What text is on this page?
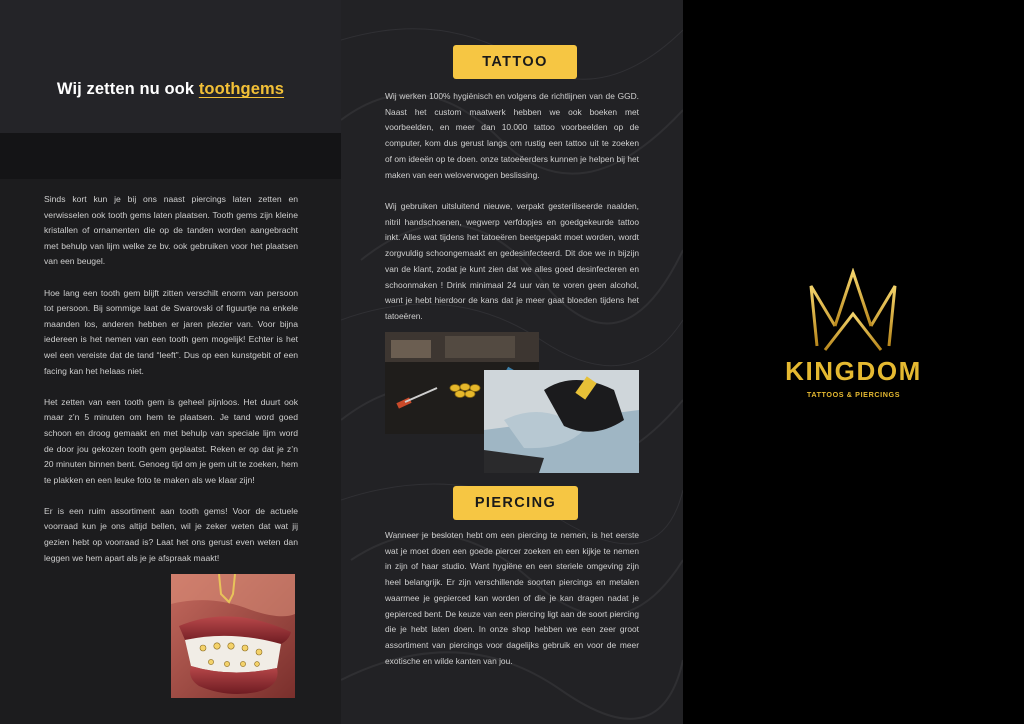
Wij zetten nu ook toothgems

Sinds kort kun je bij ons naast piercings laten zetten en verwisselen ook tooth gems laten plaatsen. Tooth gems zijn kleine kristallen of ornamenten die op de tanden worden aangebracht met behulp van lijm welke ze bv. ook gebruiken voor het plaatsen van een beugel.

Hoe lang een tooth gem blijft zitten verschilt enorm van persoon tot persoon. Bij sommige laat de Swarovski of figuurtje na enkele maanden los, anderen hebben er jaren plezier van. Voor bijna iedereen is het nemen van een tooth gem mogelijk! Echter is het wel een vereiste dat de tand “leeft”. Dus op een kunstgebit of een facing kan het helaas niet.

Het zetten van een tooth gem is geheel pijnloos. Het duurt ook maar z’n 5 minuten om hem te plaatsen. Je tand word goed schoon en droog gemaakt en met behulp van speciale lijm word de door jou gekozen tooth gem geplaatst. Reken er op dat je z’n 20 minuten binnen bent. Genoeg tijd om je gem uit te zoeken, hem te plakken en een leuke foto te maken als we klaar zijn!

Er is een ruim assortiment aan tooth gems! Voor de actuele voorraad kun je ons altijd bellen, wil je zeker weten dat wat jij gezien hebt op voorraad is? Laat het ons gerust even weten dan leggen we hem apart als je je afspraak maakt!

TATTOO

Wij werken 100% hygiënisch en volgens de richtlijnen van de GGD. Naast het custom maatwerk hebben we ook boeken met voorbeelden, en meer dan 10.000 tattoo voorbeelden op de computer, kom dus gerust langs om rustig een tattoo uit te zoeken of om ideeën op te doen. onze tatoeëerders kunnen je helpen bij het maken van een weloverwogen beslissing.

Wij gebruiken uitsluitend nieuwe, verpakt gesteriliseerde naalden, nitril handschoenen, wegwerp verfdopjes en goedgekeurde tattoo inkt. Alles wat tijdens het tatoeëren beetgepakt moet worden, wordt zorgvuldig schoongemaakt en gedesinfecteerd. Dit doe we in bijzijn van de klant, zodat je kunt zien dat we alles goed desinfecteren en schoonmaken ! Drink minimaal 24 uur van te voren geen alcohol, want je hebt hierdoor de kans dat je meer gaat bloeden tijdens het tatoeëren.

PIERCING

Wanneer je besloten hebt om een piercing te nemen, is het eerste wat je moet doen een goede piercer zoeken en een kijkje te nemen in zijn of haar studio. Want hygiëne en een steriele omgeving zijn heel belangrijk. Er zijn verschillende soorten piercings en metalen waarmee je gepierced kan worden of die je kan dragen nadat je gepierced bent. De keuze van een piercing ligt aan de soort piercing die je hebt laten doen. In onze shop hebben we een zeer groot assortiment van piercings voor dagelijks gebruik en voor de meer exotische en wilde kanten van jou.

KINGDOM
TATTOOS & PIERCINGS
